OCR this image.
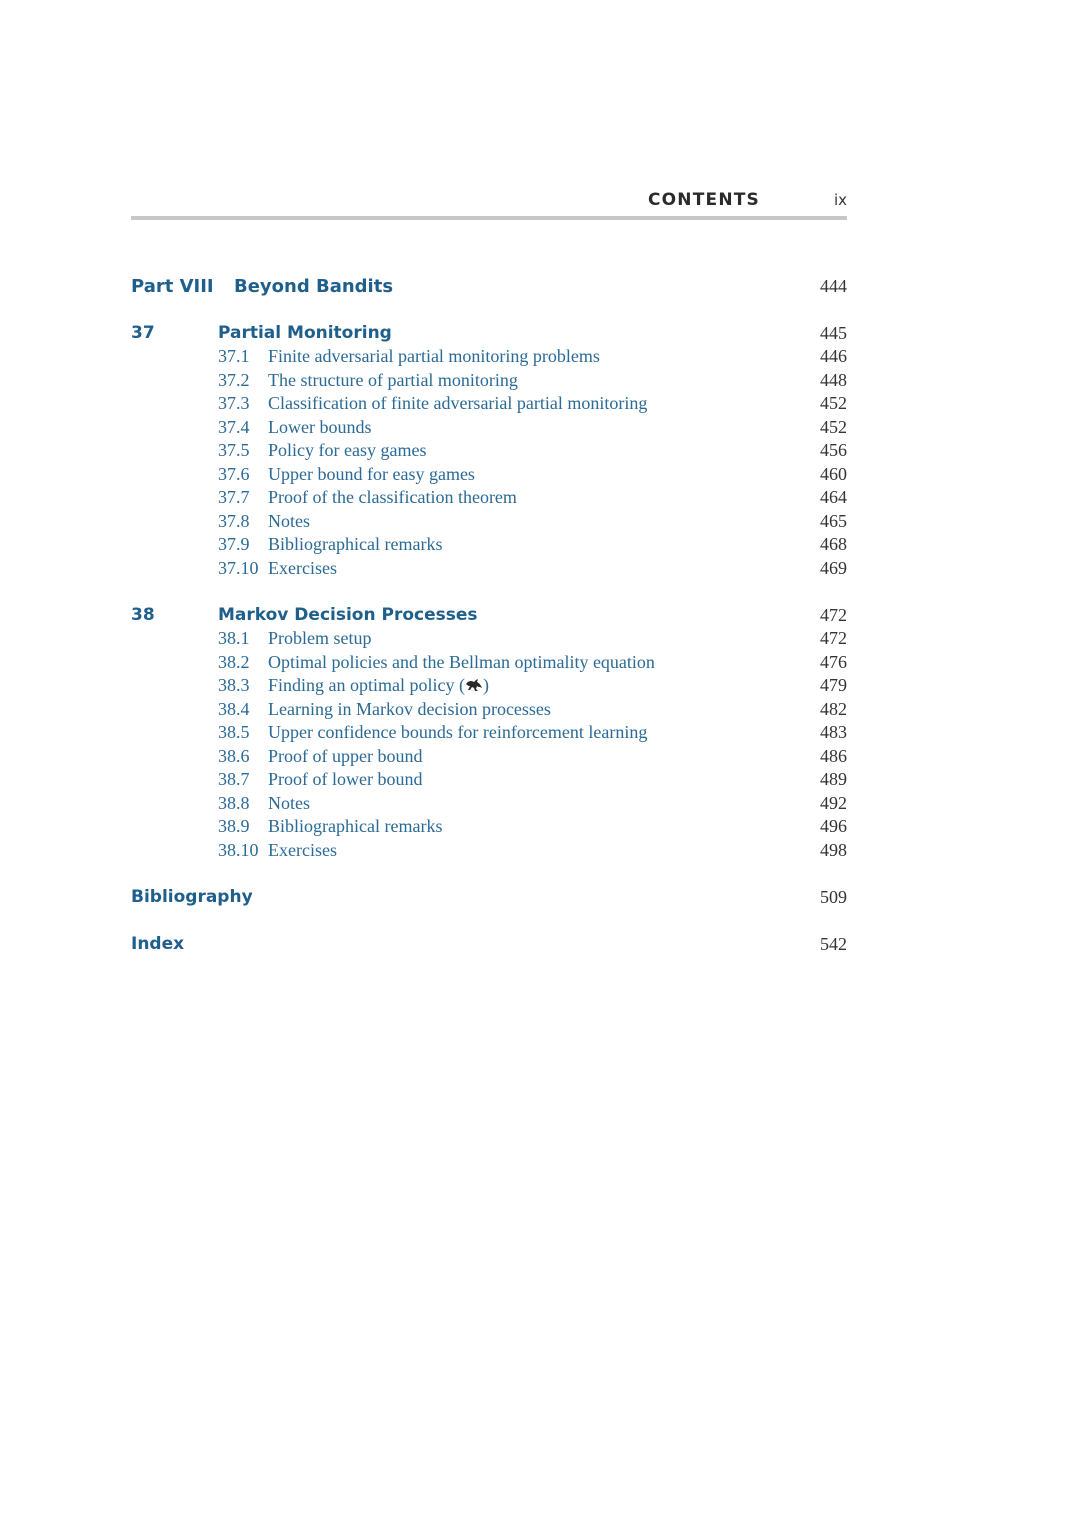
CONTENTS	ix
Part VIII Beyond Bandits	444
37	Partial Monitoring	445
37.1 Finite adversarial partial monitoring problems	446
37.2 The structure of partial monitoring	448
37.3 Classification of finite adversarial partial monitoring	452
37.4 Lower bounds	452
37.5 Policy for easy games	456
37.6 Upper bound for easy games	460
37.7 Proof of the classification theorem	464
37.8 Notes	465
37.9 Bibliographical remarks	468
37.10 Exercises	469
38	Markov Decision Processes	472
38.1 Problem setup	472
38.2 Optimal policies and the Bellman optimality equation	476
38.3 Finding an optimal policy ( )	479
38.4 Learning in Markov decision processes	482
38.5 Upper confidence bounds for reinforcement learning	483
38.6 Proof of upper bound	486
38.7 Proof of lower bound	489
38.8 Notes	492
38.9 Bibliographical remarks	496
38.10 Exercises	498
Bibliography	509
Index	542
